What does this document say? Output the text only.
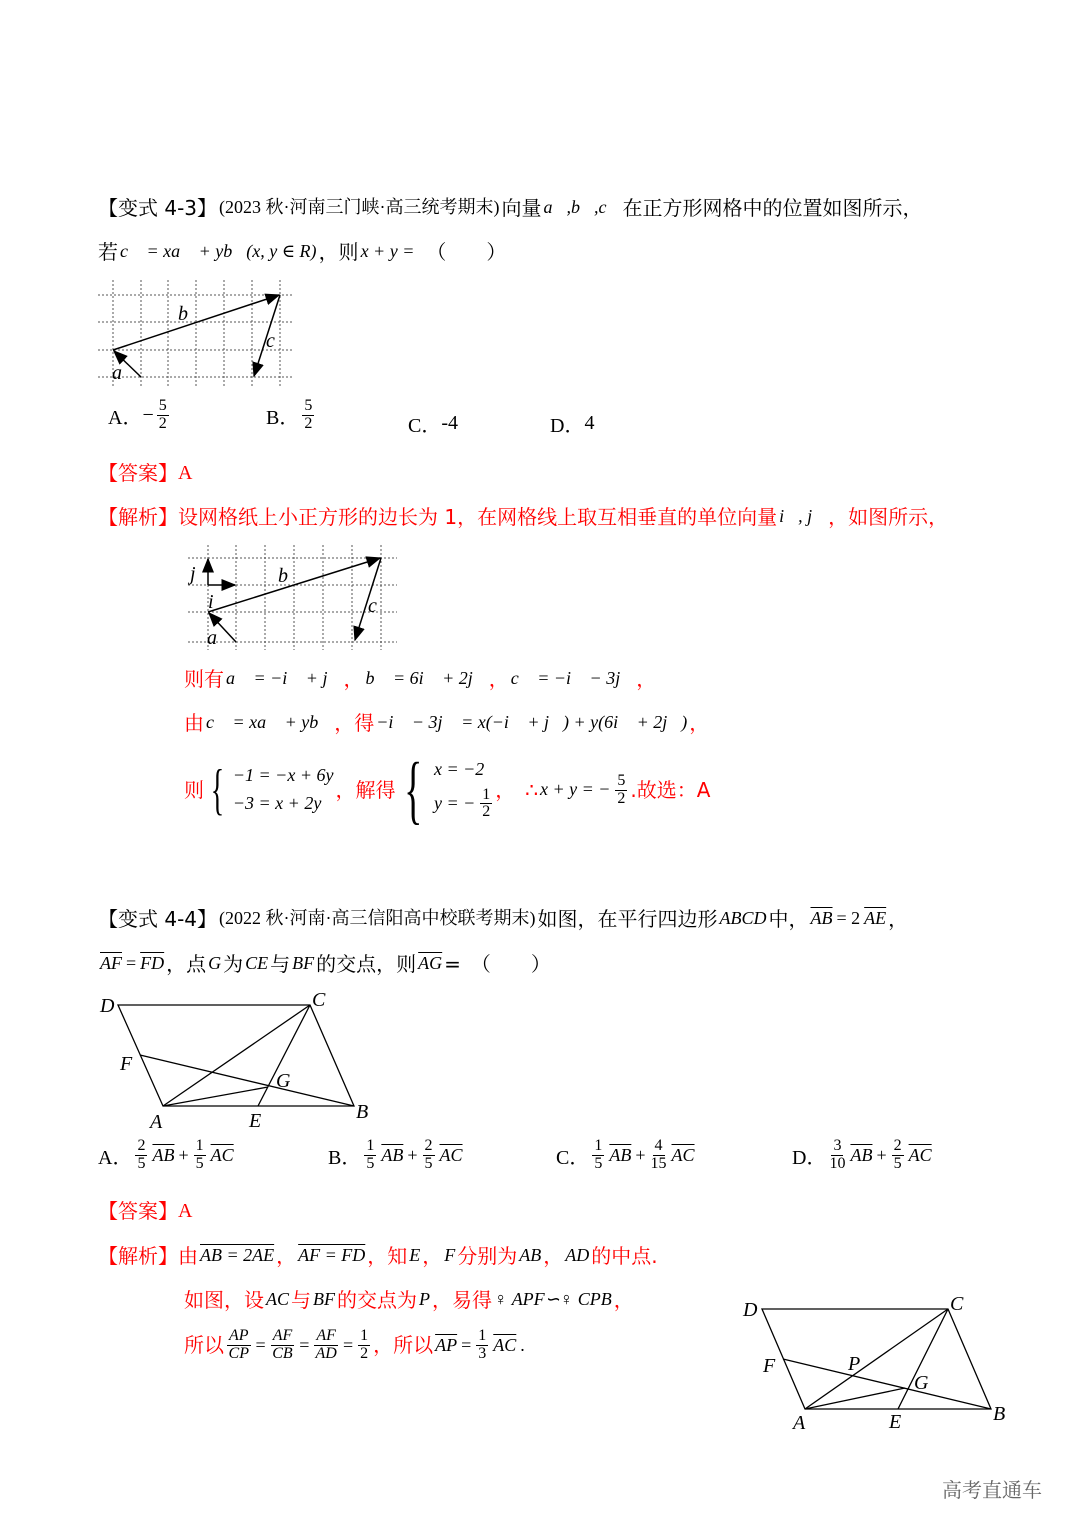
【变式 4-3】 (2023 秋·河南三门峡·高三统考期末) 向量 a⃗,b⃗,c⃗ 在正方形网格中的位置如图所示，
若 c⃗ = xa⃗ + yb⃗(x, y ∈ R) ，则 x + y = （　　）
a⃗
b⃗
c⃗
j⃗
i⃗
a⃗
b⃗
c⃗
D	C
B
A	E
F
G
D	C
B
A	E
F	P
G
A． − $\frac{5}{2}$	B． $\frac{5}{2}$	C． -4	D． 4
【答案】 A
【解析】 设网格纸上小正方形的边长为 1，在网格线上取互相垂直的单位向量 i⃗, j⃗ ，如图所示，
则有 a⃗ = −i⃗ + j⃗ ， b⃗ = 6i⃗ + 2j⃗ ， c⃗ = −i⃗ − 3j⃗ ，
由 c⃗ = xa⃗ + yb⃗ ，得 −i⃗ − 3j⃗ = x(−i⃗ + j⃗) + y(6i⃗ + 2j⃗) ，
则 { −1 = −x + 6y
−3 = x + 2y
，解得 { x = −2
y = − $\frac{1}{2}$ ， ∴ x + y = − $\frac{5}{2}$ .故选：A
【变式 4-4】 (2022 秋·河南·高三信阳高中校联考期末) 如图，在平行四边形 ABCD 中， $\overline{AB} = 2$ $\overline{AE}$ ，
$\overline{AF} = \overline{FD}$ ，点 G 为 CE 与 BF 的交点，则 $\overline{AG}$ =　（　　）
A． $\frac{2}{5} \overline{AB} + \frac{1}{5} \overline{AC}$	B． $\frac{1}{5} \overline{AB} + \frac{2}{5} \overline{AC}$	C． $\frac{1}{5} \overline{AB} + \frac{4}{15} \overline{AC}$	D． $\frac{3}{10} \overline{AB} + \frac{2}{5} \overline{AC}$
【答案】 A
【解析】 由 AB = 2AE ， AF = FD ，知 E ， F 分别为 AB ， AD 的中点.
如图，设 AC 与 BF 的交点为 P ，易得 ♀ APF∽♀ CPB ，
所以 $\frac{AP}{CP} = \frac{AF}{CB} = \frac{AF}{AD} = \frac{1}{2}$ ，所以 $\overline{AP} = \frac{1}{3} \overline{AC}$ .
高考直通车
